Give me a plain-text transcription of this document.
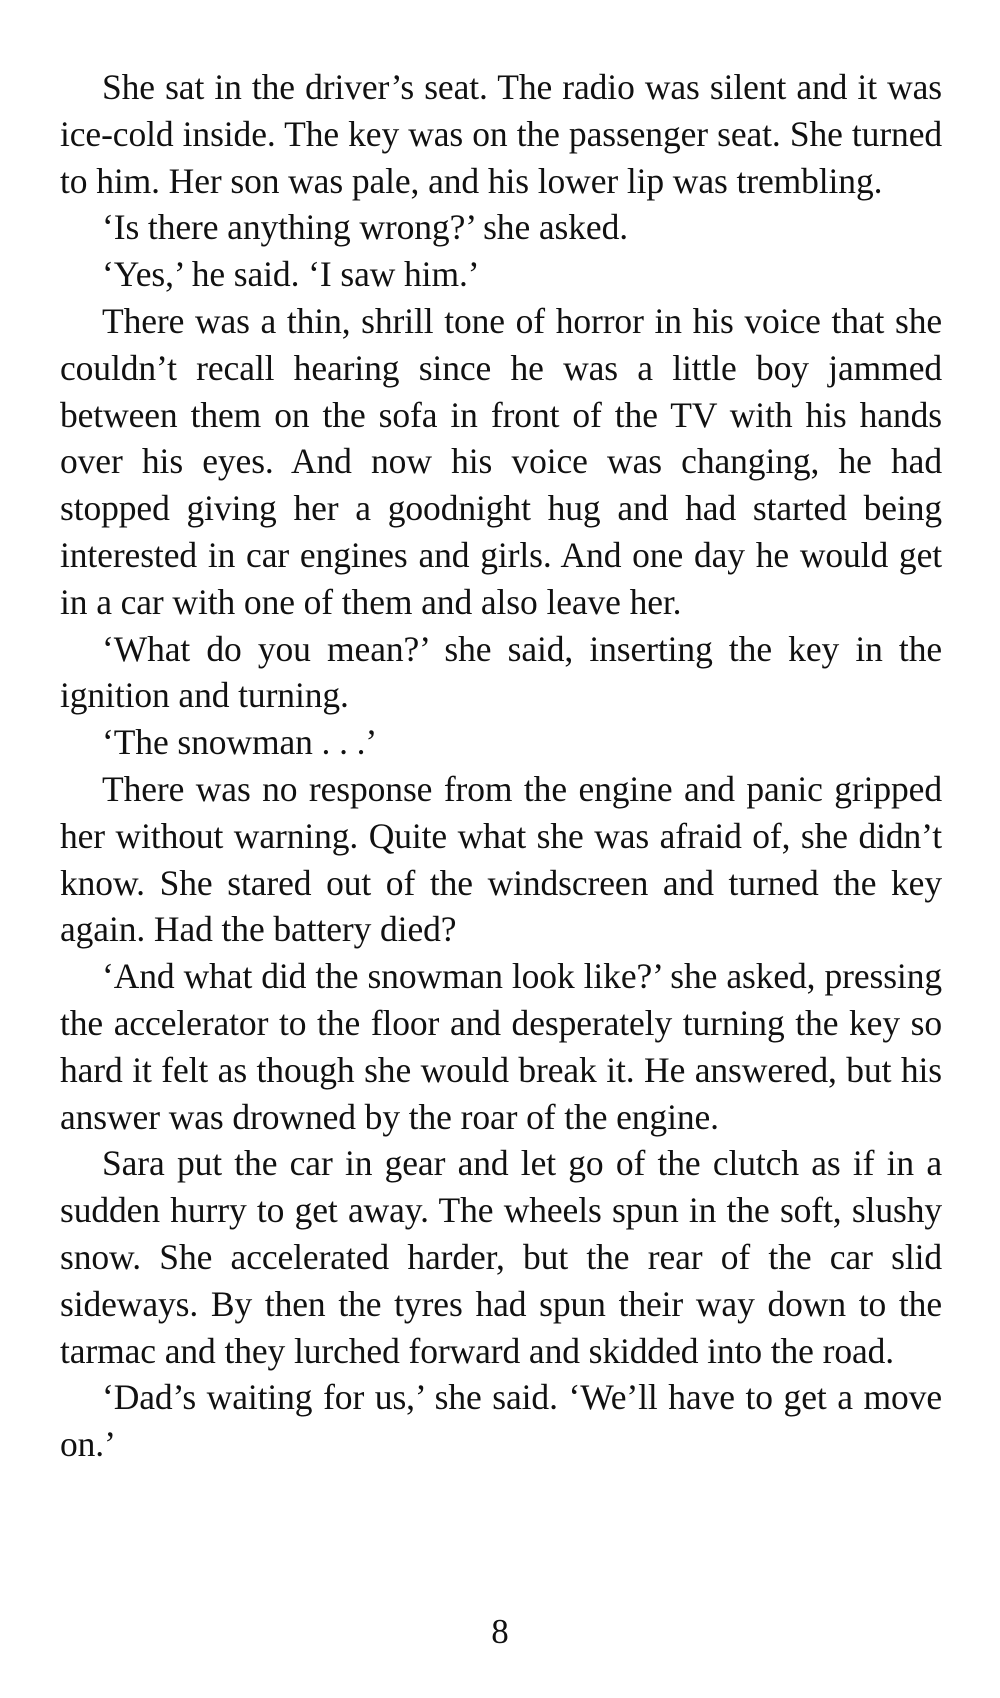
She sat in the driver’s seat. The radio was silent and it was ice-cold inside. The key was on the passenger seat. She turned to him. Her son was pale, and his lower lip was trembling.

‘Is there anything wrong?’ she asked.

‘Yes,’ he said. ‘I saw him.’

There was a thin, shrill tone of horror in his voice that she couldn’t recall hearing since he was a little boy jammed between them on the sofa in front of the TV with his hands over his eyes. And now his voice was changing, he had stopped giving her a goodnight hug and had started being interested in car engines and girls. And one day he would get in a car with one of them and also leave her.

‘What do you mean?’ she said, inserting the key in the ignition and turning.

‘The snowman . . .’

There was no response from the engine and panic gripped her without warning. Quite what she was afraid of, she didn’t know. She stared out of the windscreen and turned the key again. Had the battery died?

‘And what did the snowman look like?’ she asked, pressing the accelerator to the floor and desperately turning the key so hard it felt as though she would break it. He answered, but his answer was drowned by the roar of the engine.

Sara put the car in gear and let go of the clutch as if in a sudden hurry to get away. The wheels spun in the soft, slushy snow. She accelerated harder, but the rear of the car slid sideways. By then the tyres had spun their way down to the tarmac and they lurched forward and skidded into the road.

‘Dad’s waiting for us,’ she said. ‘We’ll have to get a move on.’

8
